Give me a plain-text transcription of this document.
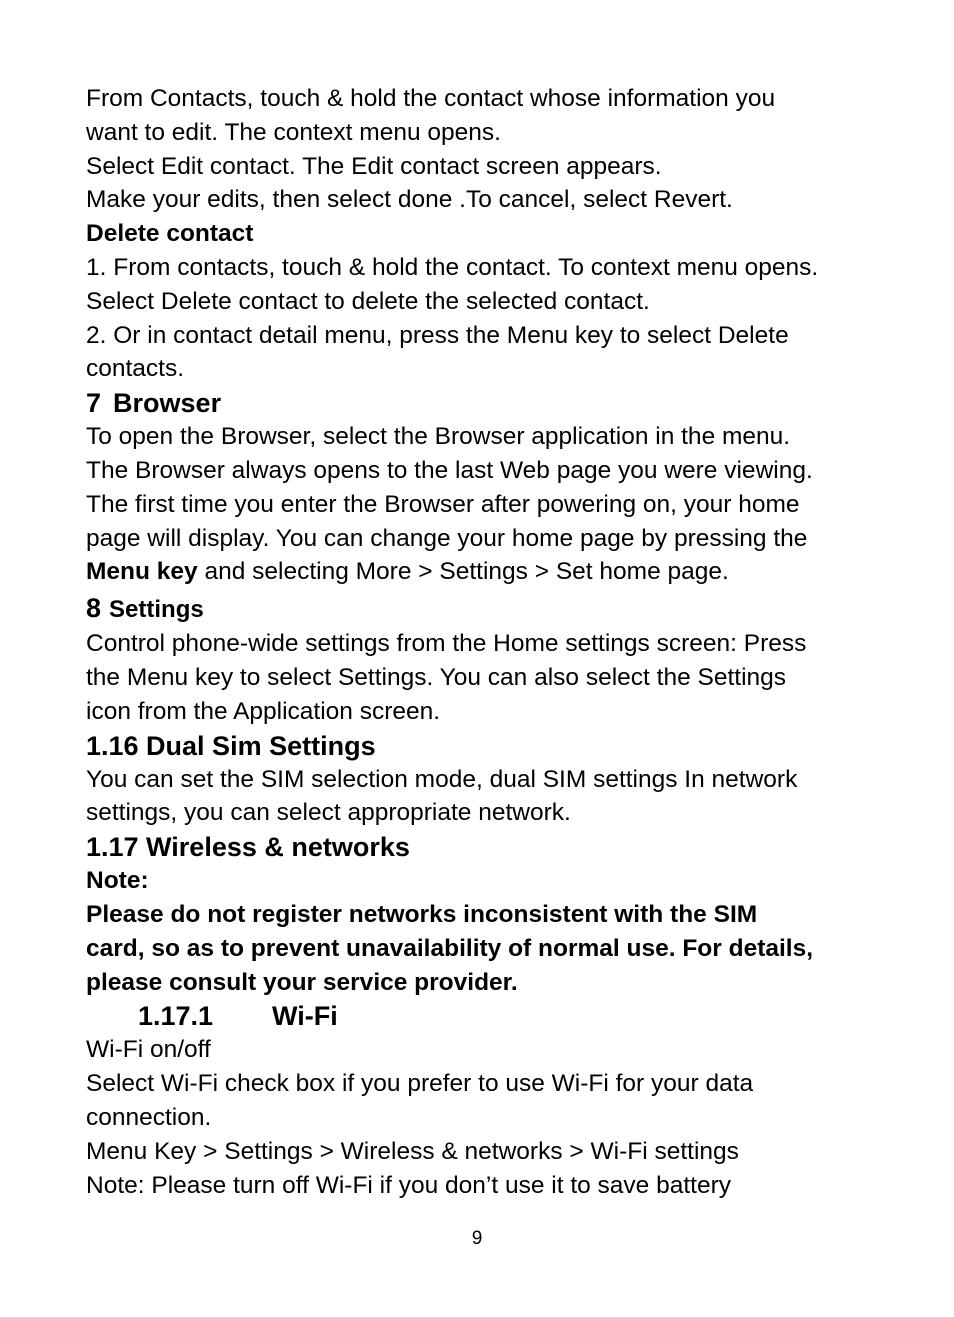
From Contacts, touch & hold the contact whose information you

want to edit. The context menu opens.

Select Edit contact. The Edit contact screen appears.

Make your edits, then select done .To cancel, select Revert.

Delete contact

1. From contacts, touch & hold the contact. To context menu opens.

Select Delete contact to delete the selected contact.

2. Or in contact detail menu, press the Menu key to select Delete

contacts.

7 Browser

To open the Browser, select the Browser application in the menu.

The Browser always opens to the last Web page you were viewing.

The first time you enter the Browser after powering on, your home

page will display. You can change your home page by pressing the

Menu key and selecting More > Settings > Set home page.

8 Settings

Control phone-wide settings from the Home settings screen: Press

the Menu key to select Settings. You can also select the Settings

icon from the Application screen.

1.16 Dual Sim Settings

You can set the SIM selection mode, dual SIM settings In network

settings, you can select appropriate network.

1.17 Wireless & networks

Note:

Please do not register networks inconsistent with the SIM

card, so as to prevent unavailability of normal use. For details,

please consult your service provider.

1.17.1 Wi-Fi

Wi-Fi on/off

Select Wi-Fi check box if you prefer to use Wi-Fi for your data

connection.

Menu Key > Settings > Wireless & networks > Wi-Fi settings

Note: Please turn off Wi-Fi if you don’t use it to save battery

9
